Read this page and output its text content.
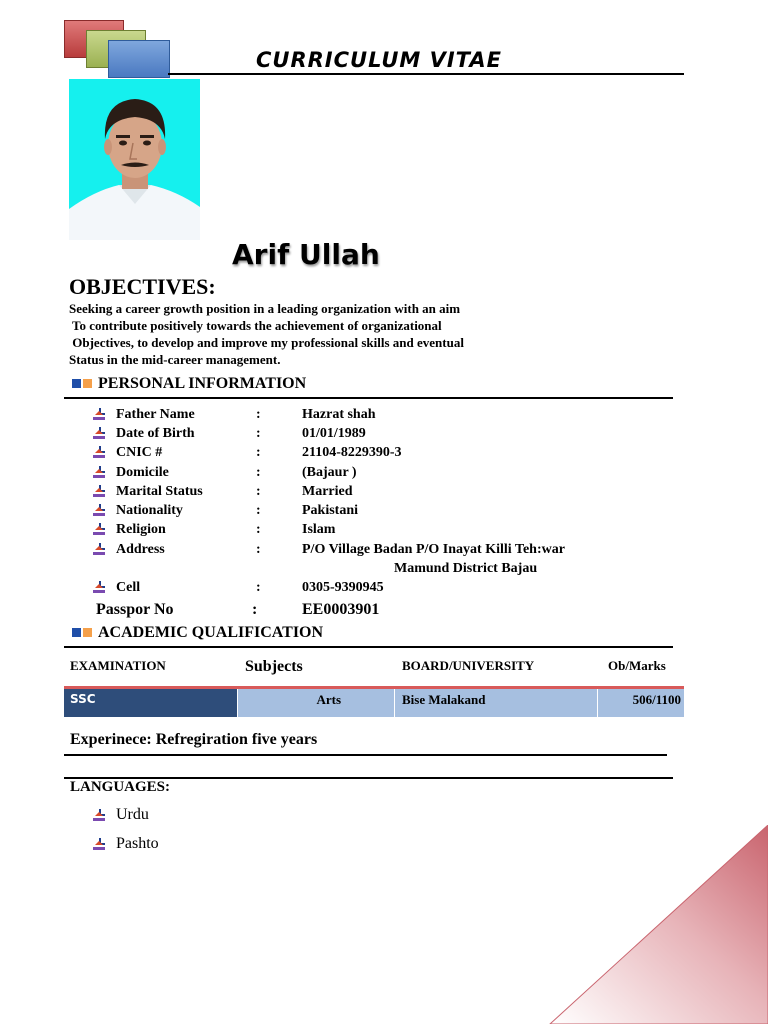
CURRICULUM VITAE
Arif Ullah
OBJECTIVES:
Seeking a career growth position in a leading organization with an aim
To contribute positively towards the achievement of organizational
Objectives, to develop and improve my professional skills and eventual
Status in the mid-career management.
PERSONAL INFORMATION
Father Name	:	Hazrat shah
Date of Birth	:	01/01/1989
CNIC #	:	21104-8229390-3
Domicile	:	(Bajaur )
Marital Status	:	Married
Nationality	:	Pakistani
Religion	:	Islam
Address	:	P/O Village Badan P/O Inayat Killi Teh:war
Mamund District Bajau
Cell	:	0305-9390945
Passpor No	:	EE0003901
ACADEMIC QUALIFICATION
EXAMINATION	Subjects	BOARD/UNIVERSITY	Ob/Marks
SSC	Arts	Bise Malakand	506/1100
Experinece: Refregiration five years
LANGUAGES:
Urdu
Pashto
